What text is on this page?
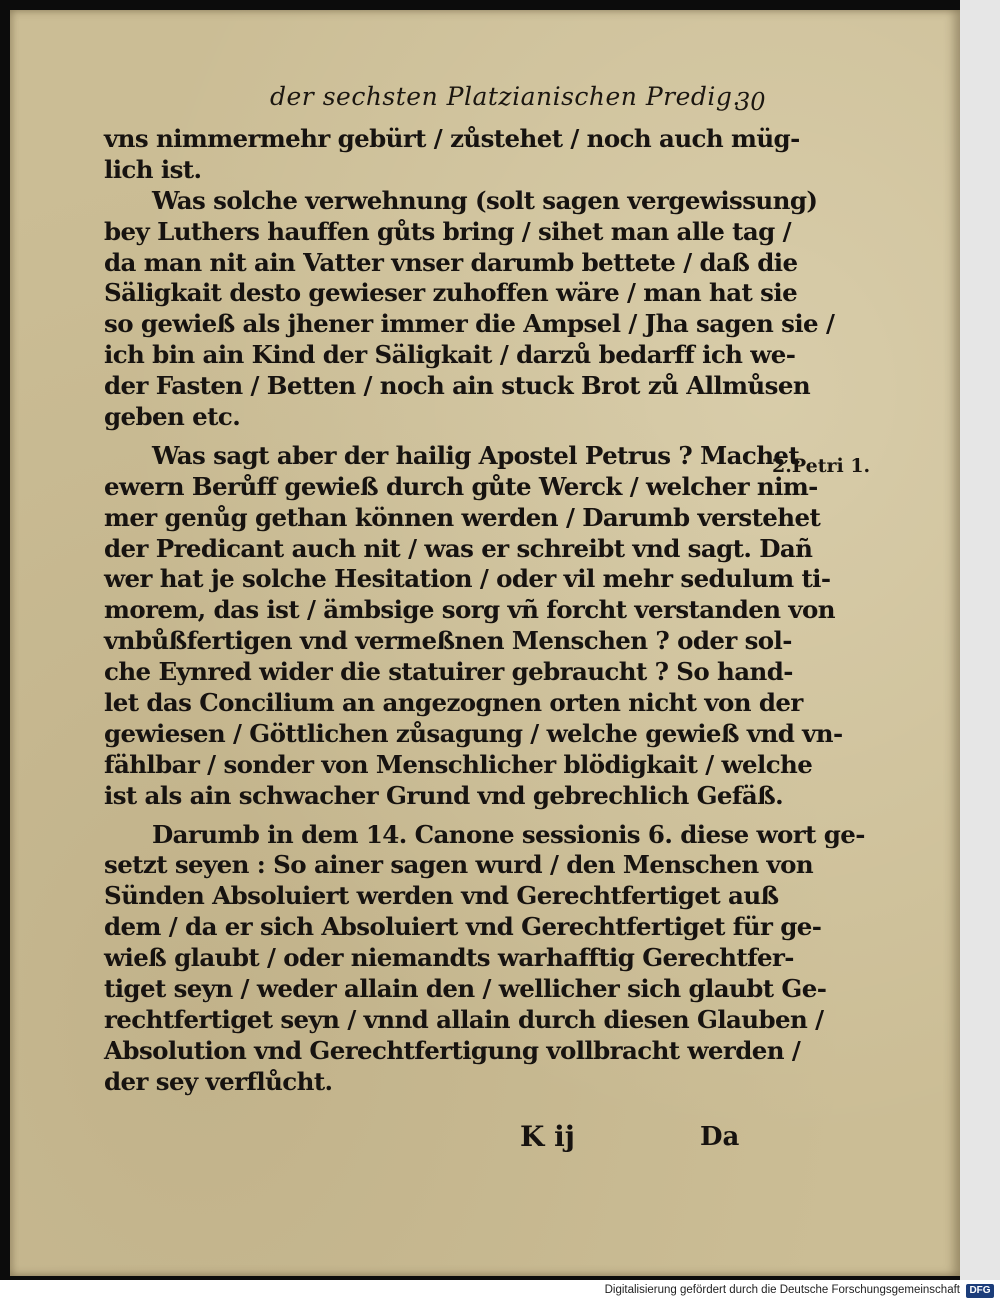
der sechsten Platzianischen Predig.
30
vns nimmermehr gebürt / zůstehet / noch auch müg-
lich ist.
Was solche verwehnung (solt sagen vergewissung)
bey Luthers hauffen gůts bring / sihet man alle tag /
da man nit ain Vatter vnser darumb bettete / daß die
Säligkait desto gewieser zuhoffen wäre / man hat sie
so gewieß als jhener immer die Ampsel / Jha sagen sie /
ich bin ain Kind der Säligkait / darzů bedarff ich we-
der Fasten / Betten / noch ain stuck Brot zů Allmůsen
geben etc.
Was sagt aber der hailig Apostel Petrus ? Machet
ewern Berůff gewieß durch gůte Werck / welcher nim-
mer genůg gethan können werden / Darumb verstehet
der Predicant auch nit / was er schreibt vnd sagt. Dañ
wer hat je solche Hesitation / oder vil mehr sedulum ti-
morem, das ist / ämbsige sorg vñ forcht verstanden von
vnbůßfertigen vnd vermeßnen Menschen ? oder sol-
che Eynred wider die statuirer gebraucht ? So hand-
let das Concilium an angezognen orten nicht von der
gewiesen / Göttlichen zůsagung / welche gewieß vnd vn-
fählbar / sonder von Menschlicher blödigkait / welche
ist als ain schwacher Grund vnd gebrechlich Gefäß.
Darumb in dem 14. Canone sessionis 6. diese wort ge-
setzt seyen : So ainer sagen wurd / den Menschen von
Sünden Absoluiert werden vnd Gerechtfertiget auß
dem / da er sich Absoluiert vnd Gerechtfertiget für ge-
wieß glaubt / oder niemandts warhafftig Gerechtfer-
tiget seyn / weder allain den / wellicher sich glaubt Ge-
rechtfertiget seyn / vnnd allain durch diesen Glauben /
Absolution vnd Gerechtfertigung vollbracht werden /
der sey verflůcht.
2.Petri 1.
K ij	Da
Digitalisierung gefördert durch die Deutsche Forschungsgemeinschaft DFG
